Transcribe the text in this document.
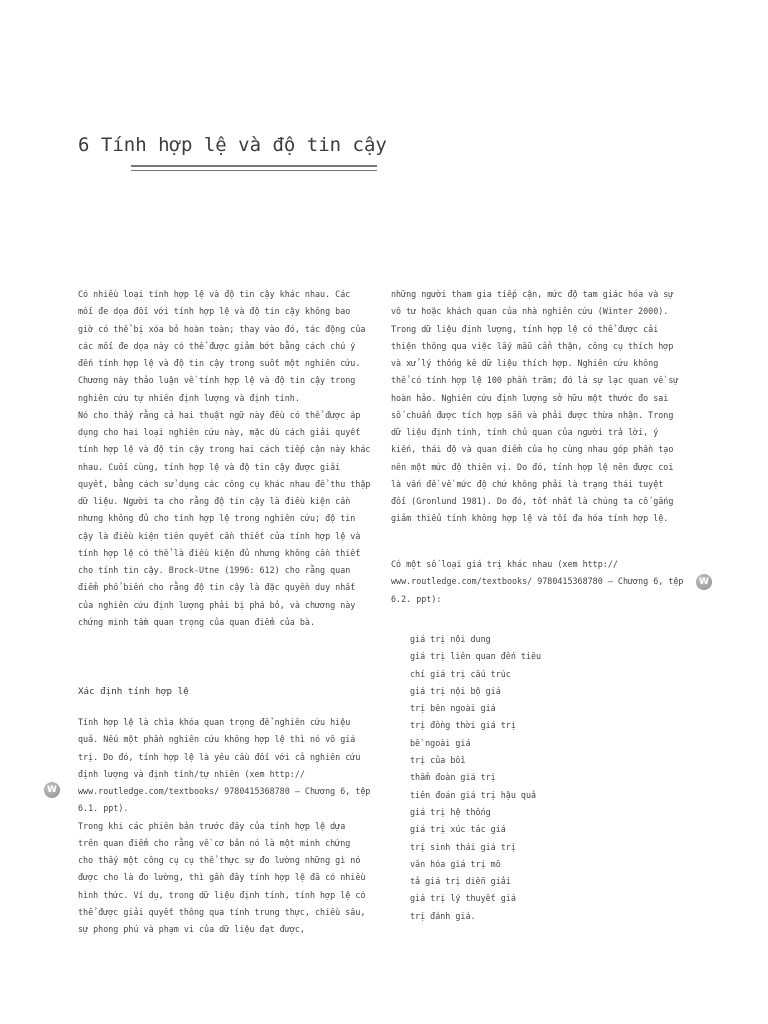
6 Tính hợp lệ và độ tin cậy

Có nhiều loại tính hợp lệ và độ tin cậy khác nhau. Các

mối đe dọa đối với tính hợp lệ và độ tin cậy không bao

giờ có thể bị xóa bỏ hoàn toàn; thay vào đó, tác động của

các mối đe dọa này có thể được giảm bớt bằng cách chú ý

đến tính hợp lệ và độ tin cậy trong suốt một nghiên cứu.

Chương này thảo luận về tính hợp lệ và độ tin cậy trong

nghiên cứu tự nhiên định lượng và định tính.

Nó cho thấy rằng cả hai thuật ngữ này đều có thể được áp

dụng cho hai loại nghiên cứu này, mặc dù cách giải quyết

tính hợp lệ và độ tin cậy trong hai cách tiếp cận này khác

nhau. Cuối cùng, tính hợp lệ và độ tin cậy được giải

quyết, bằng cách sử dụng các công cụ khác nhau để thu thập

dữ liệu. Người ta cho rằng độ tin cậy là điều kiện cần

nhưng không đủ cho tính hợp lệ trong nghiên cứu; độ tin

cậy là điều kiện tiên quyết cần thiết của tính hợp lệ và

tính hợp lệ có thể là điều kiện đủ nhưng không cần thiết

cho tính tin cậy. Brock-Utne (1996: 612) cho rằng quan

điểm phổ biến cho rằng độ tin cậy là đặc quyền duy nhất

của nghiên cứu định lượng phải bị phá bỏ, và chương này

chứng minh tầm quan trọng của quan điểm của bà.

Xác định tính hợp lệ

Tính hợp lệ là chìa khóa quan trọng để nghiên cứu hiệu

quả. Nếu một phần nghiên cứu không hợp lệ thì nó vô giá

trị. Do đó, tính hợp lệ là yêu cầu đối với cả nghiên cứu

định lượng và định tính/tự nhiên (xem http://

www.routledge.com/textbooks/ 9780415368780 – Chương 6, tệp

6.1. ppt).

Trong khi các phiên bản trước đây của tính hợp lệ dựa

trên quan điểm cho rằng về cơ bản nó là một minh chứng

cho thấy một công cụ cụ thể thực sự đo lường những gì nó

được cho là đo lường, thì gần đây tính hợp lệ đã có nhiều

hình thức. Ví dụ, trong dữ liệu định tính, tính hợp lệ có

thể được giải quyết thông qua tính trung thực, chiều sâu,

sự phong phú và phạm vi của dữ liệu đạt được,

những người tham gia tiếp cận, mức độ tam giác hóa và sự

vô tư hoặc khách quan của nhà nghiên cứu (Winter 2000).

Trong dữ liệu định lượng, tính hợp lệ có thể được cải

thiện thông qua việc lấy mẫu cẩn thận, công cụ thích hợp

và xử lý thống kê dữ liệu thích hợp. Nghiên cứu không

thể có tính hợp lệ 100 phần trăm; đó là sự lạc quan về sự

hoàn hảo. Nghiên cứu định lượng sở hữu một thước đo sai

số chuẩn được tích hợp sẵn và phải được thừa nhận. Trong

dữ liệu định tính, tính chủ quan của người trả lời, ý

kiến, thái độ và quan điểm của họ cùng nhau góp phần tạo

nên một mức độ thiên vị. Do đó, tính hợp lệ nên được coi

là vấn đề về mức độ chứ không phải là trạng thái tuyệt

đối (Gronlund 1981). Do đó, tốt nhất là chúng ta cố gắng

giảm thiểu tính không hợp lệ và tối đa hóa tính hợp lệ.

Có một số loại giá trị khác nhau (xem http://

www.routledge.com/textbooks/ 9780415368780 – Chương 6, tệp

6.2. ppt):

giá trị nội dung
giá trị liên quan đến tiêu
chí giá trị cấu trúc
giá trị nội bộ giá
trị bên ngoài giá
trị đồng thời giá trị
bề ngoài giá
trị của bồi
thẩm đoàn giá trị
tiên đoán giá trị hậu quả
giá trị hệ thống
giá trị xúc tác giá
trị sinh thái giá trị
văn hóa giá trị mô
tả giá trị diễn giải
giá trị lý thuyết giá
trị đánh giá.
W
W
